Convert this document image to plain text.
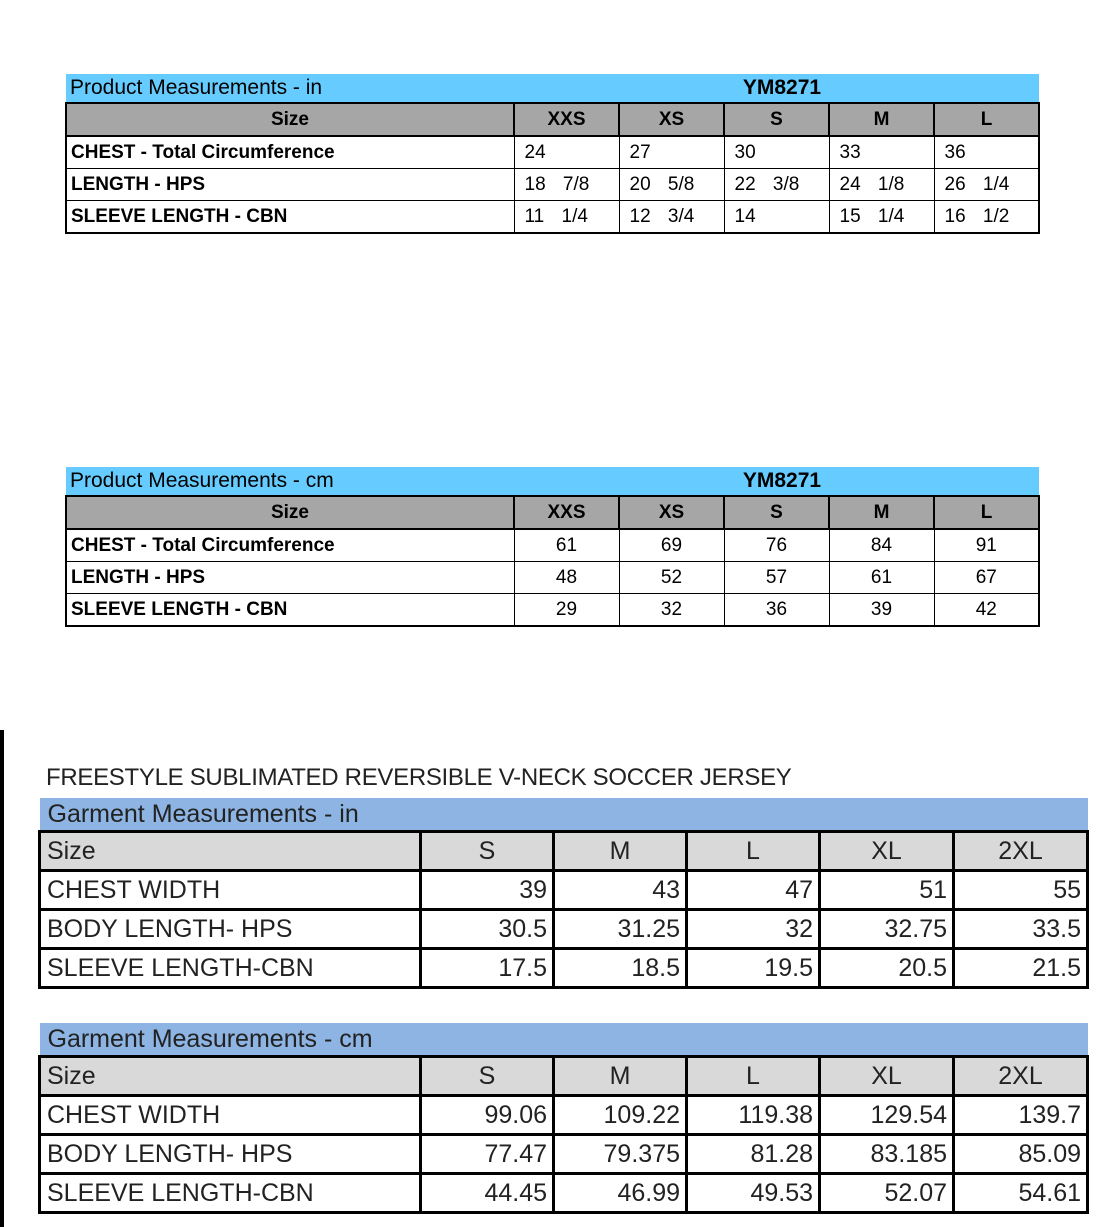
Product Measurements - in	YM8271				
Size	XXS	XS	S	M	L
CHEST - Total Circumference	24	27	30	33	36
LENGTH - HPS	18 7/8	20 5/8	22 3/8	24 1/8	26 1/4
SLEEVE LENGTH - CBN	11 1/4	12 3/4	14	15 1/4	16 1/2
Product Measurements - cm	YM8271				
Size	XXS	XS	S	M	L
CHEST - Total Circumference	61	69	76	84	91
LENGTH - HPS	48	52	57	61	67
SLEEVE LENGTH - CBN	29	32	36	39	42
FREESTYLE SUBLIMATED REVERSIBLE V-NECK SOCCER JERSEY
Garment Measurements - in					
Size	S	M	L	XL	2XL
CHEST WIDTH	39	43	47	51	55
BODY LENGTH- HPS	30.5	31.25	32	32.75	33.5
SLEEVE LENGTH-CBN	17.5	18.5	19.5	20.5	21.5
Garment Measurements - cm					
Size	S	M	L	XL	2XL
CHEST WIDTH	99.06	109.22	119.38	129.54	139.7
BODY LENGTH- HPS	77.47	79.375	81.28	83.185	85.09
SLEEVE LENGTH-CBN	44.45	46.99	49.53	52.07	54.61
